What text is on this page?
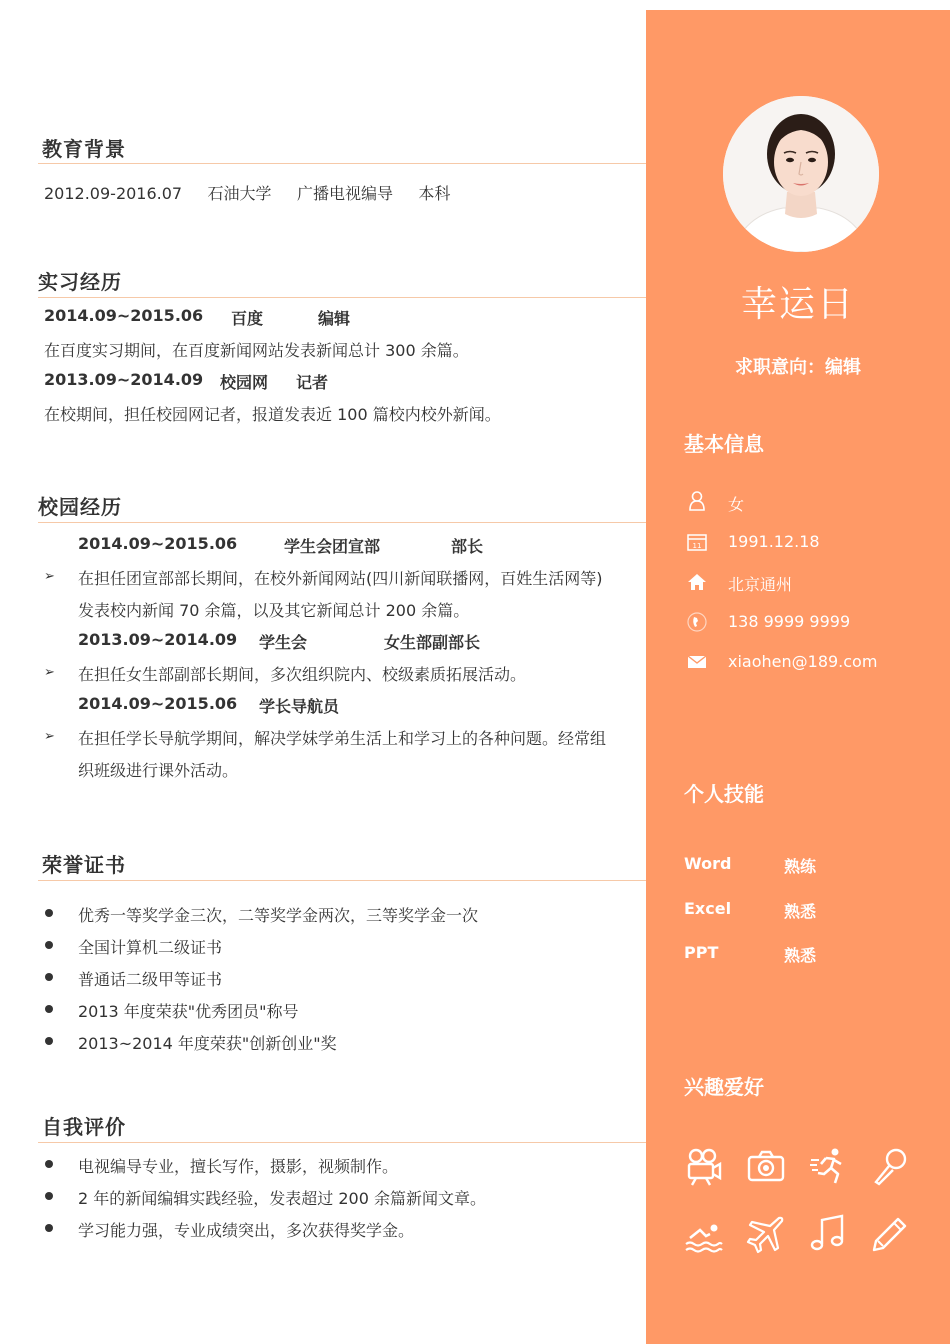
教育背景
2012.09-2016.07     石油大学     广播电视编导     本科
实习经历
2014.09~2015.06 百度	编辑
在百度实习期间，在百度新闻网站发表新闻总计 300 余篇。
2013.09~2014.09 校园网 记者
在校期间，担任校园网记者，报道发表近 100 篇校内校外新闻。
校园经历
2014.09~2015.06	学生会团宣部	部长
➢ 在担任团宣部部长期间，在校外新闻网站(四川新闻联播网，百姓生活网等)
发表校内新闻 70 余篇，以及其它新闻总计 200 余篇。
2013.09~2014.09 学生会	女生部副部长
➢ 在担任女生部副部长期间，多次组织院内、校级素质拓展活动。
2014.09~2015.06 学长导航员
➢ 在担任学长导航学期间，解决学妹学弟生活上和学习上的各种问题。经常组
织班级进行课外活动。
荣誉证书
优秀一等奖学金三次，二等奖学金两次，三等奖学金一次
全国计算机二级证书
普通话二级甲等证书
2013 年度荣获"优秀团员"称号
2013~2014 年度荣获"创新创业"奖
自我评价
电视编导专业，擅长写作，摄影，视频制作。
2 年的新闻编辑实践经验，发表超过 200 余篇新闻文章。
学习能力强，专业成绩突出，多次获得奖学金。
幸运日
求职意向：编辑
基本信息
女
11 1991.12.18
北京通州
138 9999 9999
xiaohen@189.com
个人技能
Word	熟练
Excel	熟悉
PPT	熟悉
兴趣爱好
